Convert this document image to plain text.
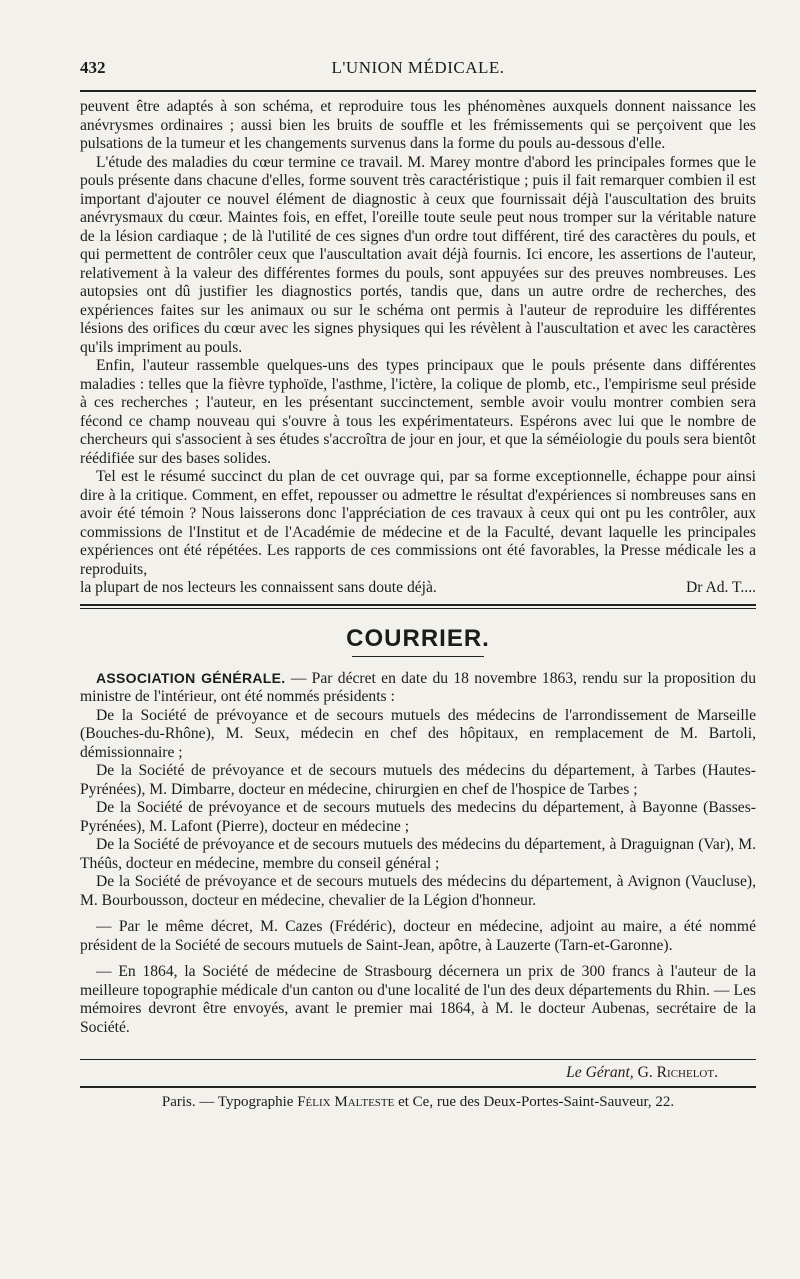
432	L'UNION MÉDICALE.

peuvent être adaptés à son schéma, et reproduire tous les phénomènes auxquels donnent naissance les anévrysmes ordinaires ; aussi bien les bruits de souffle et les frémissements qui se perçoivent que les pulsations de la tumeur et les changements survenus dans la forme du pouls au-dessous d'elle.

L'étude des maladies du cœur termine ce travail. M. Marey montre d'abord les principales formes que le pouls présente dans chacune d'elles, forme souvent très caractéristique ; puis il fait remarquer combien il est important d'ajouter ce nouvel élément de diagnostic à ceux que fournissait déjà l'auscultation des bruits anévrysmaux du cœur. Maintes fois, en effet, l'oreille toute seule peut nous tromper sur la véritable nature de la lésion cardiaque ; de là l'utilité de ces signes d'un ordre tout différent, tiré des caractères du pouls, et qui permettent de contrôler ceux que l'auscultation avait déjà fournis. Ici encore, les assertions de l'auteur, relativement à la valeur des différentes formes du pouls, sont appuyées sur des preuves nombreuses. Les autopsies ont dû justifier les diagnostics portés, tandis que, dans un autre ordre de recherches, des expériences faites sur les animaux ou sur le schéma ont permis à l'auteur de reproduire les différentes lésions des orifices du cœur avec les signes physiques qui les révèlent à l'auscultation et avec les caractères qu'ils impriment au pouls.

Enfin, l'auteur rassemble quelques-uns des types principaux que le pouls présente dans différentes maladies : telles que la fièvre typhoïde, l'asthme, l'ictère, la colique de plomb, etc., l'empirisme seul préside à ces recherches ; l'auteur, en les présentant succinctement, semble avoir voulu montrer combien sera fécond ce champ nouveau qui s'ouvre à tous les expérimentateurs. Espérons avec lui que le nombre de chercheurs qui s'associent à ses études s'accroîtra de jour en jour, et que la séméiologie du pouls sera bientôt réédifiée sur des bases solides.

Tel est le résumé succinct du plan de cet ouvrage qui, par sa forme exceptionnelle, échappe pour ainsi dire à la critique. Comment, en effet, repousser ou admettre le résultat d'expériences si nombreuses sans en avoir été témoin ? Nous laisserons donc l'appréciation de ces travaux à ceux qui ont pu les contrôler, aux commissions de l'Institut et de l'Académie de médecine et de la Faculté, devant laquelle les principales expériences ont été répétées. Les rapports de ces commissions ont été favorables, la Presse médicale les a reproduits,

la plupart de nos lecteurs les connaissent sans doute déjà.	Dr Ad. T....
COURRIER.

ASSOCIATION GÉNÉRALE. — Par décret en date du 18 novembre 1863, rendu sur la proposition du ministre de l'intérieur, ont été nommés présidents :

De la Société de prévoyance et de secours mutuels des médecins de l'arrondissement de Marseille (Bouches-du-Rhône), M. Seux, médecin en chef des hôpitaux, en remplacement de M. Bartoli, démissionnaire ;

De la Société de prévoyance et de secours mutuels des médecins du département, à Tarbes (Hautes-Pyrénées), M. Dimbarre, docteur en médecine, chirurgien en chef de l'hospice de Tarbes ;

De la Société de prévoyance et de secours mutuels des medecins du département, à Bayonne (Basses-Pyrénées), M. Lafont (Pierre), docteur en médecine ;

De la Société de prévoyance et de secours mutuels des médecins du département, à Draguignan (Var), M. Théûs, docteur en médecine, membre du conseil général ;

De la Société de prévoyance et de secours mutuels des médecins du département, à Avignon (Vaucluse), M. Bourbousson, docteur en médecine, chevalier de la Légion d'honneur.

— Par le même décret, M. Cazes (Frédéric), docteur en médecine, adjoint au maire, a été nommé président de la Société de secours mutuels de Saint-Jean, apôtre, à Lauzerte (Tarn-et-Garonne).

— En 1864, la Société de médecine de Strasbourg décernera un prix de 300 francs à l'auteur de la meilleure topographie médicale d'un canton ou d'une localité de l'un des deux départements du Rhin. — Les mémoires devront être envoyés, avant le premier mai 1864, à M. le docteur Aubenas, secrétaire de la Société.

Le Gérant, G. Richelot.
Paris. — Typographie Félix Malteste et Ce, rue des Deux-Portes-Saint-Sauveur, 22.
